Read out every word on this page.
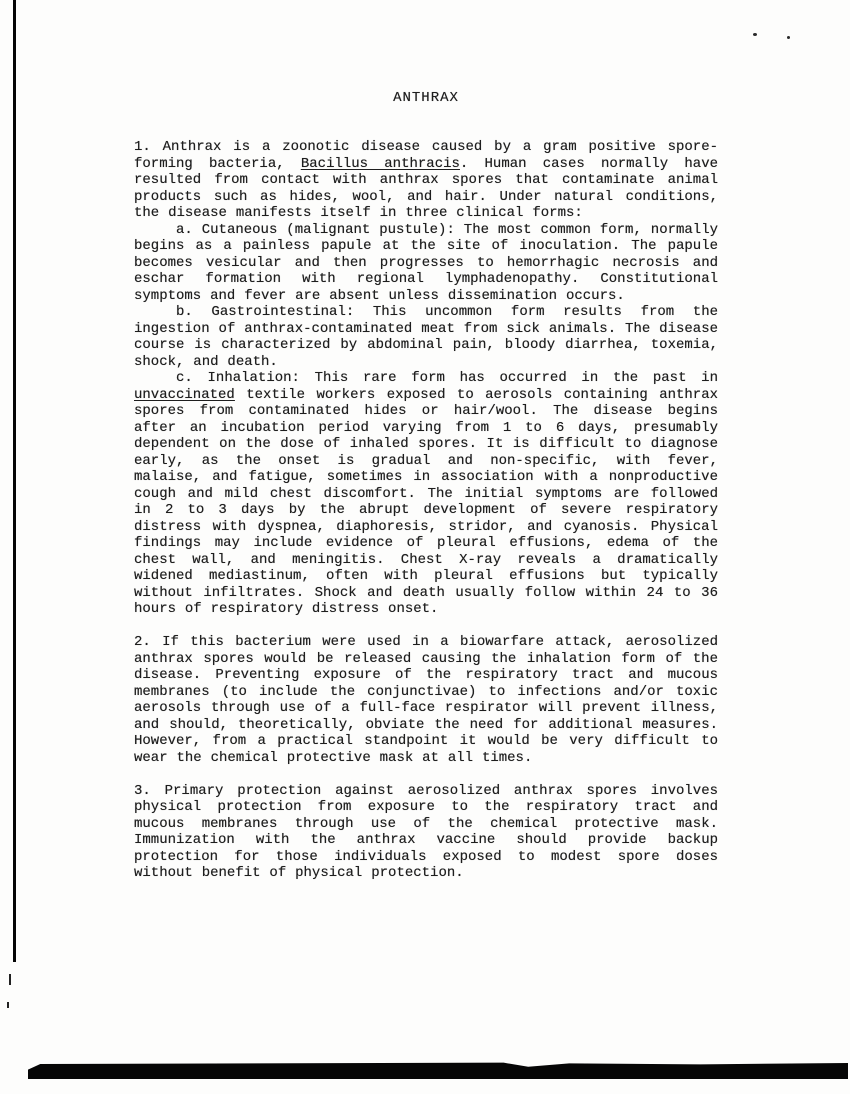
ANTHRAX

1. Anthrax is a zoonotic disease caused by a gram positive spore-forming bacteria, Bacillus anthracis. Human cases normally have resulted from contact with anthrax spores that contaminate animal products such as hides, wool, and hair. Under natural conditions, the disease manifests itself in three clinical forms:

a. Cutaneous (malignant pustule): The most common form, normally begins as a painless papule at the site of inoculation. The papule becomes vesicular and then progresses to hemorrhagic necrosis and eschar formation with regional lymphadenopathy. Constitutional symptoms and fever are absent unless dissemination occurs.

b. Gastrointestinal: This uncommon form results from the ingestion of anthrax-contaminated meat from sick animals. The disease course is characterized by abdominal pain, bloody diarrhea, toxemia, shock, and death.

c. Inhalation: This rare form has occurred in the past in unvaccinated textile workers exposed to aerosols containing anthrax spores from contaminated hides or hair/wool. The disease begins after an incubation period varying from 1 to 6 days, presumably dependent on the dose of inhaled spores. It is difficult to diagnose early, as the onset is gradual and non-specific, with fever, malaise, and fatigue, sometimes in association with a nonproductive cough and mild chest discomfort. The initial symptoms are followed in 2 to 3 days by the abrupt development of severe respiratory distress with dyspnea, diaphoresis, stridor, and cyanosis. Physical findings may include evidence of pleural effusions, edema of the chest wall, and meningitis. Chest X-ray reveals a dramatically widened mediastinum, often with pleural effusions but typically without infiltrates. Shock and death usually follow within 24 to 36 hours of respiratory distress onset.

2. If this bacterium were used in a biowarfare attack, aerosolized anthrax spores would be released causing the inhalation form of the disease. Preventing exposure of the respiratory tract and mucous membranes (to include the conjunctivae) to infections and/or toxic aerosols through use of a full-face respirator will prevent illness, and should, theoretically, obviate the need for additional measures. However, from a practical standpoint it would be very difficult to wear the chemical protective mask at all times.

3. Primary protection against aerosolized anthrax spores involves physical protection from exposure to the respiratory tract and mucous membranes through use of the chemical protective mask. Immunization with the anthrax vaccine should provide backup protection for those individuals exposed to modest spore doses without benefit of physical protection.
